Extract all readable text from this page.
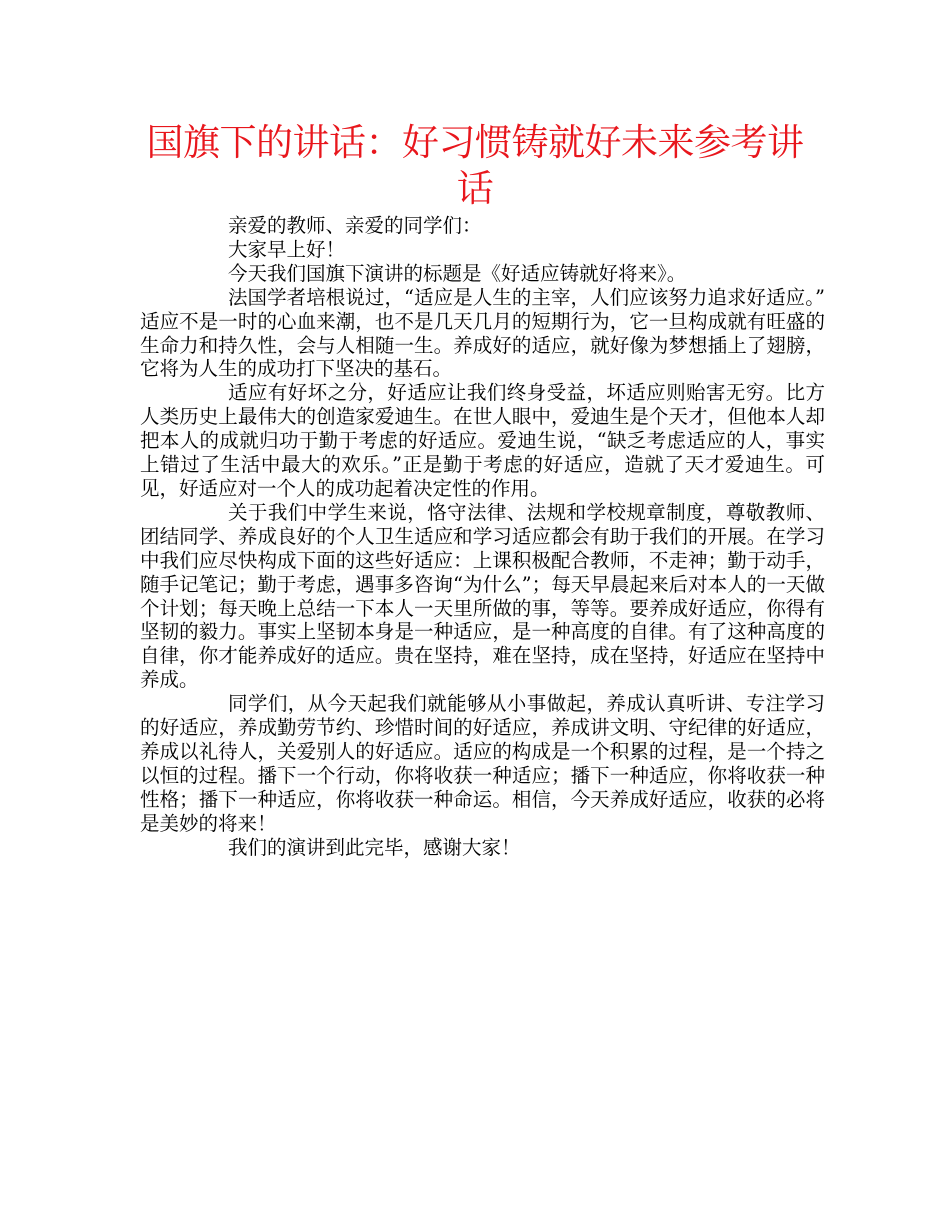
国旗下的讲话：好习惯铸就好未来参考讲话

亲爱的教师、亲爱的同学们：

大家早上好！

今天我们国旗下演讲的标题是《好适应铸就好将来》。

法国学者培根说过，“适应是人生的主宰，人们应该努力追求好适应。” 适应不是一时的心血来潮，也不是几天几月的短期行为，它一旦构成就有旺盛的生命力和持久性，会与人相随一生。养成好的适应，就好像为梦想插上了翅膀，它将为人生的成功打下坚决的基石。

适应有好坏之分，好适应让我们终身受益，坏适应则贻害无穷。比方人类历史上最伟大的创造家爱迪生。在世人眼中，爱迪生是个天才，但他本人却把本人的成就归功于勤于考虑的好适应。爱迪生说，“缺乏考虑适应的人，事实上错过了生活中最大的欢乐。”正是勤于考虑的好适应，造就了天才爱迪生。可见，好适应对一个人的成功起着决定性的作用。

关于我们中学生来说，恪守法律、法规和学校规章制度，尊敬教师、团结同学、养成良好的个人卫生适应和学习适应都会有助于我们的开展。在学习中我们应尽快构成下面的这些好适应：上课积极配合教师，不走神；勤于动手，随手记笔记；勤于考虑，遇事多咨询“为什么”；每天早晨起来后对本人的一天做个计划；每天晚上总结一下本人一天里所做的事，等等。要养成好适应，你得有坚韧的毅力。事实上坚韧本身是一种适应，是一种高度的自律。有了这种高度的自律，你才能养成好的适应。贵在坚持，难在坚持，成在坚持，好适应在坚持中养成。

同学们，从今天起我们就能够从小事做起，养成认真听讲、专注学习的好适应，养成勤劳节约、珍惜时间的好适应，养成讲文明、守纪律的好适应，养成以礼待人，关爱别人的好适应。适应的构成是一个积累的过程，是一个持之以恒的过程。播下一个行动，你将收获一种适应；播下一种适应，你将收获一种性格；播下一种适应，你将收获一种命运。相信，今天养成好适应，收获的必将是美妙的将来！

我们的演讲到此完毕，感谢大家！
